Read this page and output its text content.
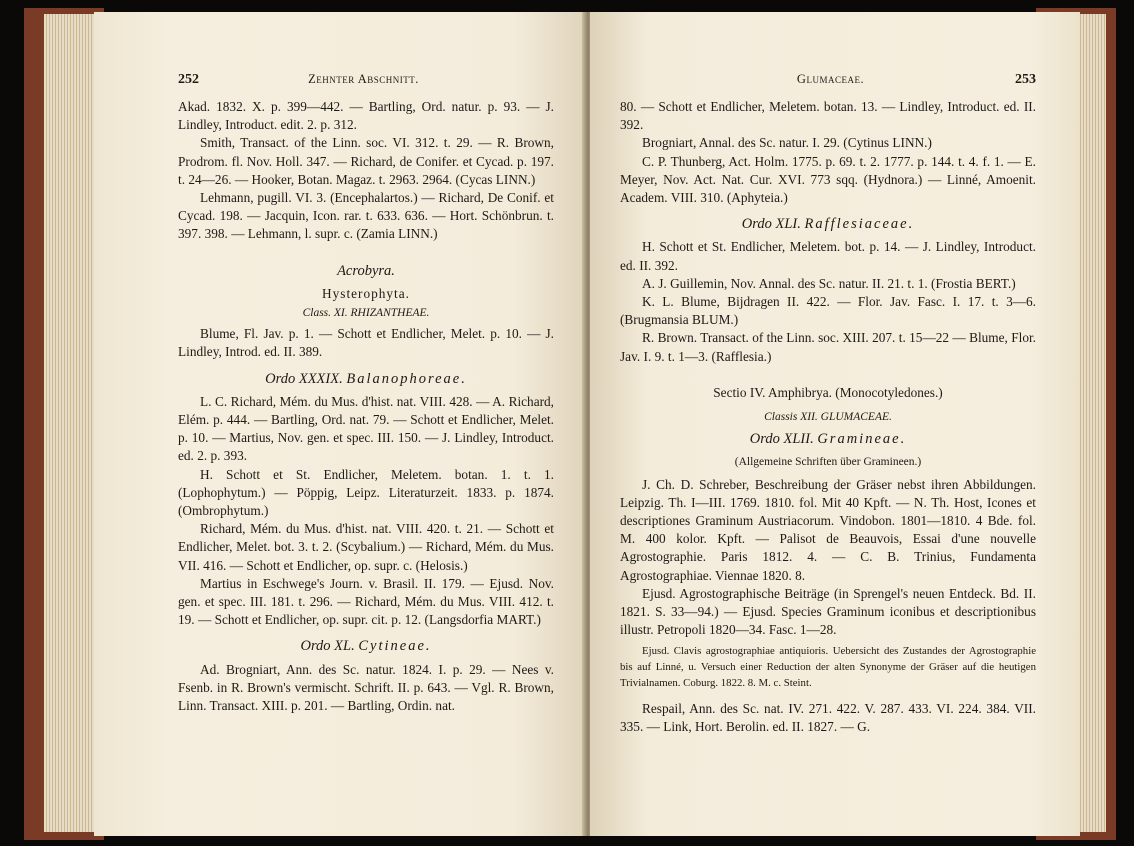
252	Zehnter Abschnitt.

Akad. 1832. X. p. 399—442. — Bartling, Ord. natur. p. 93. — J. Lindley, Introduct. edit. 2. p. 312.

Smith, Transact. of the Linn. soc. VI. 312. t. 29. — R. Brown, Prodrom. fl. Nov. Holl. 347. — Richard, de Conifer. et Cycad. p. 197. t. 24—26. — Hooker, Botan. Magaz. t. 2963. 2964. (Cycas LINN.)

Lehmann, pugill. VI. 3. (Encephalartos.) — Richard, De Conif. et Cycad. 198. — Jacquin, Icon. rar. t. 633. 636. — Hort. Schönbrun. t. 397. 398. — Lehmann, l. supr. c. (Zamia LINN.)

Acrobyra.
Hysterophyta.
Class. XI. RHIZANTHEAE.

Blume, Fl. Jav. p. 1. — Schott et Endlicher, Melet. p. 10. — J. Lindley, Introd. ed. II. 389.

Ordo XXXIX. Balanophoreae.

L. C. Richard, Mém. du Mus. d'hist. nat. VIII. 428. — A. Richard, Elém. p. 444. — Bartling, Ord. nat. 79. — Schott et Endlicher, Melet. p. 10. — Martius, Nov. gen. et spec. III. 150. — J. Lindley, Introduct. ed. 2. p. 393.

H. Schott et St. Endlicher, Meletem. botan. 1. t. 1. (Lophophytum.) — Pöppig, Leipz. Literaturzeit. 1833. p. 1874. (Ombrophytum.)

Richard, Mém. du Mus. d'hist. nat. VIII. 420. t. 21. — Schott et Endlicher, Melet. bot. 3. t. 2. (Scybalium.) — Richard, Mém. du Mus. VII. 416. — Schott et Endlicher, op. supr. c. (Helosis.)

Martius in Eschwege's Journ. v. Brasil. II. 179. — Ejusd. Nov. gen. et spec. III. 181. t. 296. — Richard, Mém. du Mus. VIII. 412. t. 19. — Schott et Endlicher, op. supr. cit. p. 12. (Langsdorfia MART.)

Ordo XL. Cytineae.

Ad. Brogniart, Ann. des Sc. natur. 1824. I. p. 29. — Nees v. Fsenb. in R. Brown's vermischt. Schrift. II. p. 643. — Vgl. R. Brown, Linn. Transact. XIII. p. 201. — Bartling, Ordin. nat.

Glumaceae.	253

80. — Schott et Endlicher, Meletem. botan. 13. — Lindley, Introduct. ed. II. 392.

Brogniart, Annal. des Sc. natur. I. 29. (Cytinus LINN.)

C. P. Thunberg, Act. Holm. 1775. p. 69. t. 2. 1777. p. 144. t. 4. f. 1. — E. Meyer, Nov. Act. Nat. Cur. XVI. 773 sqq. (Hydnora.) — Linné, Amoenit. Academ. VIII. 310. (Aphyteia.)

Ordo XLI. Rafflesiaceae.

H. Schott et St. Endlicher, Meletem. bot. p. 14. — J. Lindley, Introduct. ed. II. 392.

A. J. Guillemin, Nov. Annal. des Sc. natur. II. 21. t. 1. (Frostia BERT.)

K. L. Blume, Bijdragen II. 422. — Flor. Jav. Fasc. I. 17. t. 3—6. (Brugmansia BLUM.)

R. Brown. Transact. of the Linn. soc. XIII. 207. t. 15—22 — Blume, Flor. Jav. I. 9. t. 1—3. (Rafflesia.)

Sectio IV. Amphibrya. (Monocotyledones.)
Classis XII. GLUMACEAE.
Ordo XLII. Gramineae.
(Allgemeine Schriften über Gramineen.)

J. Ch. D. Schreber, Beschreibung der Gräser nebst ihren Abbildungen. Leipzig. Th. I—III. 1769. 1810. fol. Mit 40 Kpft. — N. Th. Host, Icones et descriptiones Graminum Austriacorum. Vindobon. 1801—1810. 4 Bde. fol. M. 400 kolor. Kpft. — Palisot de Beauvois, Essai d'une nouvelle Agrostographie. Paris 1812. 4. — C. B. Trinius, Fundamenta Agrostographiae. Viennae 1820. 8.

Ejusd. Agrostographische Beiträge (in Sprengel's neuen Entdeck. Bd. II. 1821. S. 33—94.) — Ejusd. Species Graminum iconibus et descriptionibus illustr. Petropoli 1820—34. Fasc. 1—28.

Ejusd. Clavis agrostographiae antiquioris. Uebersicht des Zustandes der Agrostographie bis auf Linné, u. Versuch einer Reduction der alten Synonyme der Gräser auf die heutigen Trivialnamen. Coburg. 1822. 8. M. c. Steint.

Respail, Ann. des Sc. nat. IV. 271. 422. V. 287. 433. VI. 224. 384. VII. 335. — Link, Hort. Berolin. ed. II. 1827. — G.
